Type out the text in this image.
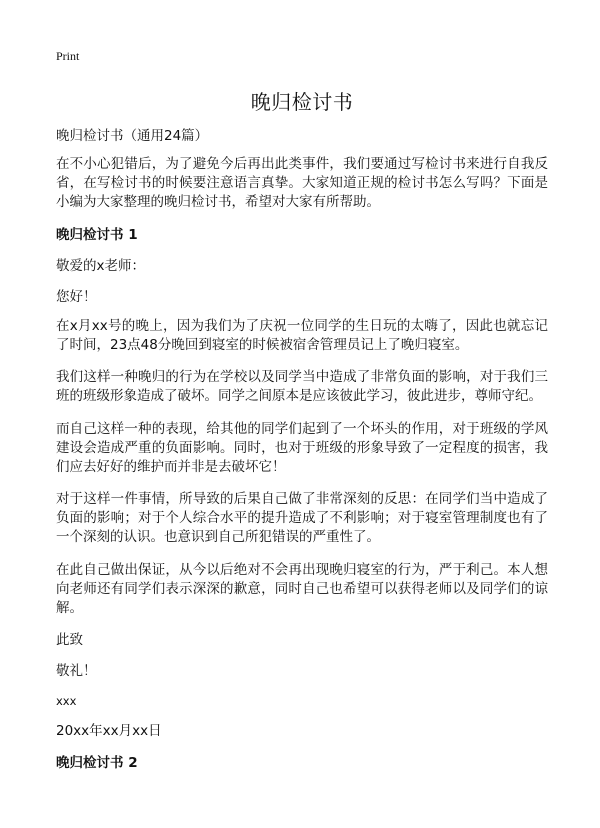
Print
晚归检讨书
晚归检讨书（通用24篇）

在不小心犯错后，为了避免今后再出此类事件，我们要通过写检讨书来进行自我反省，在写检讨书的时候要注意语言真挚。大家知道正规的检讨书怎么写吗？下面是小编为大家整理的晚归检讨书，希望对大家有所帮助。

晚归检讨书 1
敬爱的x老师：
您好！

在x月xx号的晚上，因为我们为了庆祝一位同学的生日玩的太嗨了，因此也就忘记了时间，23点48分晚回到寝室的时候被宿舍管理员记上了晚归寝室。

我们这样一种晚归的行为在学校以及同学当中造成了非常负面的影响，对于我们三班的班级形象造成了破坏。同学之间原本是应该彼此学习，彼此进步，尊师守纪。

而自己这样一种的表现，给其他的同学们起到了一个坏头的作用，对于班级的学风建设会造成严重的负面影响。同时，也对于班级的形象导致了一定程度的损害，我们应去好好的维护而并非是去破坏它！

对于这样一件事情，所导致的后果自己做了非常深刻的反思：在同学们当中造成了负面的影响；对于个人综合水平的提升造成了不利影响；对于寝室管理制度也有了一个深刻的认识。也意识到自己所犯错误的严重性了。

在此自己做出保证，从今以后绝对不会再出现晚归寝室的行为，严于利己。本人想向老师还有同学们表示深深的歉意，同时自己也希望可以获得老师以及同学们的谅解。

此致
敬礼！
xxx
20xx年xx月xx日
晚归检讨书 2
